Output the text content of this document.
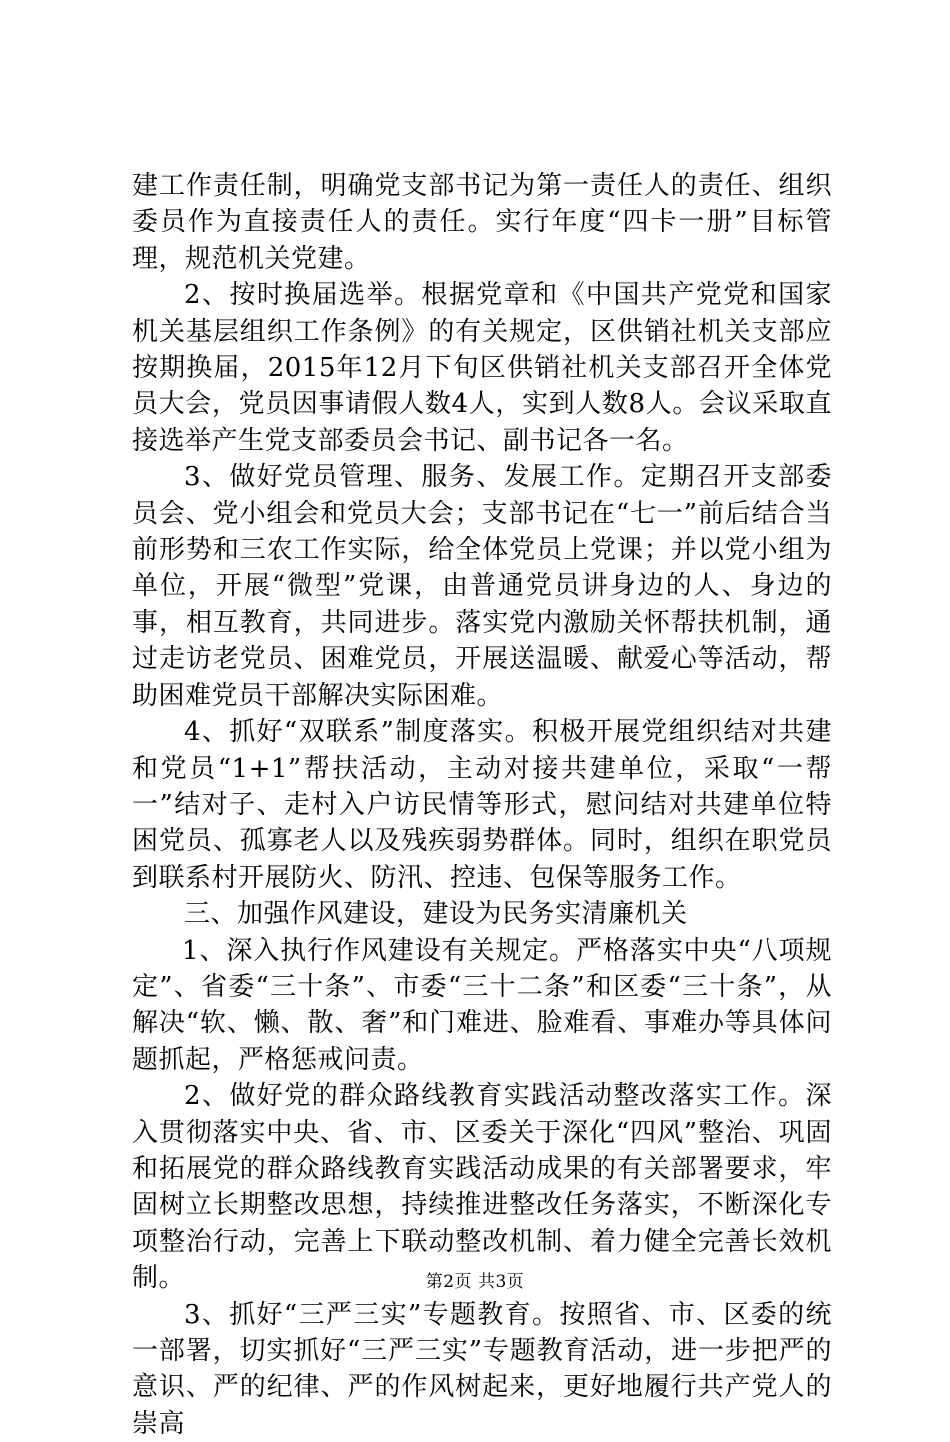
建工作责任制，明确党支部书记为第一责任人的责任、组织委员作为直接责任人的责任。实行年度“四卡一册”目标管理，规范机关党建。

2、按时换届选举。根据党章和《中国共产党党和国家机关基层组织工作条例》的有关规定，区供销社机关支部应按期换届，2015年12月下旬区供销社机关支部召开全体党员大会，党员因事请假人数4人，实到人数8人。会议采取直接选举产生党支部委员会书记、副书记各一名。

3、做好党员管理、服务、发展工作。定期召开支部委员会、党小组会和党员大会；支部书记在“七一”前后结合当前形势和三农工作实际，给全体党员上党课；并以党小组为单位，开展“微型”党课，由普通党员讲身边的人、身边的事，相互教育，共同进步。落实党内激励关怀帮扶机制，通过走访老党员、困难党员，开展送温暖、献爱心等活动，帮助困难党员干部解决实际困难。

4、抓好“双联系”制度落实。积极开展党组织结对共建和党员“1+1”帮扶活动，主动对接共建单位，采取“一帮一”结对子、走村入户访民情等形式，慰问结对共建单位特困党员、孤寡老人以及残疾弱势群体。同时，组织在职党员到联系村开展防火、防汛、控违、包保等服务工作。

三、加强作风建设，建设为民务实清廉机关

1、深入执行作风建设有关规定。严格落实中央“八项规定”、省委“三十条”、市委“三十二条”和区委“三十条”，从解决“软、懒、散、奢”和门难进、脸难看、事难办等具体问题抓起，严格惩戒问责。

2、做好党的群众路线教育实践活动整改落实工作。深入贯彻落实中央、省、市、区委关于深化“四风”整治、巩固和拓展党的群众路线教育实践活动成果的有关部署要求，牢固树立长期整改思想，持续推进整改任务落实，不断深化专项整治行动，完善上下联动整改机制、着力健全完善长效机制。

3、抓好“三严三实”专题教育。按照省、市、区委的统一部署，切实抓好“三严三实”专题教育活动，进一步把严的意识、严的纪律、严的作风树起来，更好地履行共产党人的崇高

第2页 共3页
